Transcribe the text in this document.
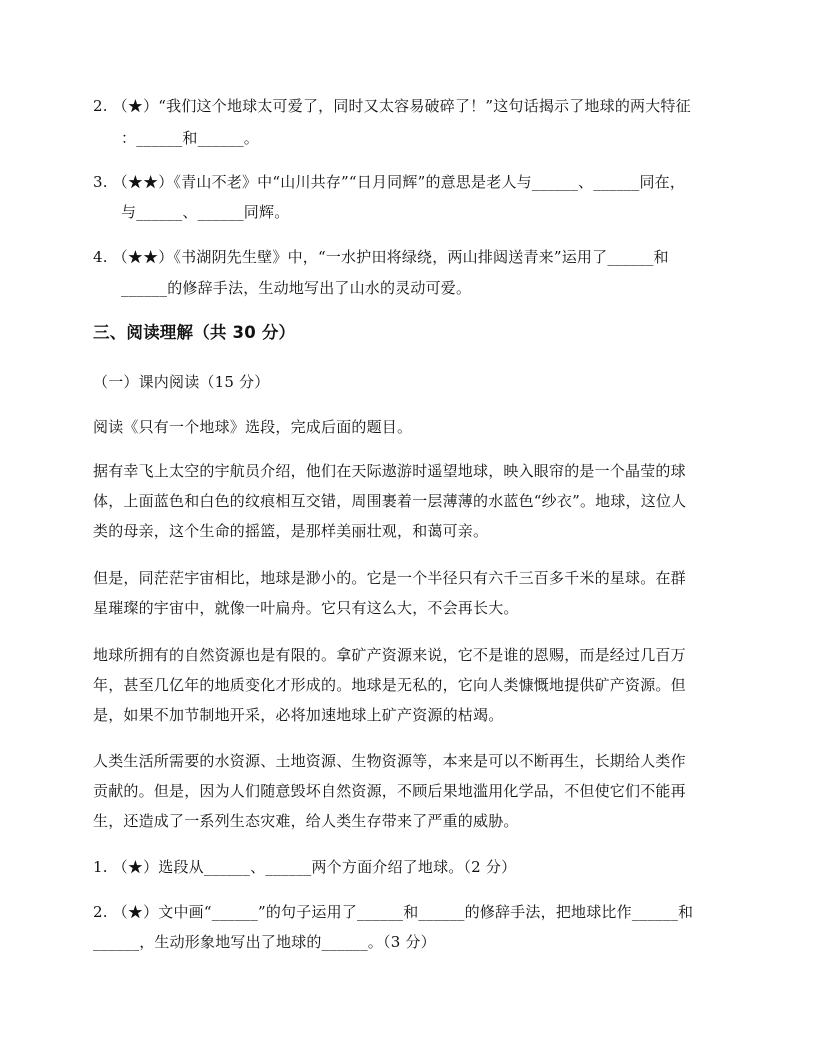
2. （★）“我们这个地球太可爱了，同时又太容易破碎了！”这句话揭示了地球的两大特征
：______和______。
3. （★★）《青山不老》中“山川共存”“日月同辉”的意思是老人与______、______同在，
与______、______同辉。
4. （★★）《书湖阴先生壁》中，“一水护田将绿绕，两山排闼送青来”运用了______和
______的修辞手法，生动地写出了山水的灵动可爱。
三、阅读理解（共 30 分）
（一）课内阅读（15 分）
阅读《只有一个地球》选段，完成后面的题目。
据有幸飞上太空的宇航员介绍，他们在天际遨游时遥望地球，映入眼帘的是一个晶莹的球
体，上面蓝色和白色的纹痕相互交错，周围裹着一层薄薄的水蓝色“纱衣”。地球，这位人
类的母亲，这个生命的摇篮，是那样美丽壮观，和蔼可亲。
但是，同茫茫宇宙相比，地球是渺小的。它是一个半径只有六千三百多千米的星球。在群
星璀璨的宇宙中，就像一叶扁舟。它只有这么大，不会再长大。
地球所拥有的自然资源也是有限的。拿矿产资源来说，它不是谁的恩赐，而是经过几百万
年，甚至几亿年的地质变化才形成的。地球是无私的，它向人类慷慨地提供矿产资源。但
是，如果不加节制地开采，必将加速地球上矿产资源的枯竭。
人类生活所需要的水资源、土地资源、生物资源等，本来是可以不断再生，长期给人类作
贡献的。但是，因为人们随意毁坏自然资源，不顾后果地滥用化学品，不但使它们不能再
生，还造成了一系列生态灾难，给人类生存带来了严重的威胁。
1. （★）选段从______、______两个方面介绍了地球。（2 分）
2. （★）文中画“______”的句子运用了______和______的修辞手法，把地球比作______和
______，生动形象地写出了地球的______。（3 分）
